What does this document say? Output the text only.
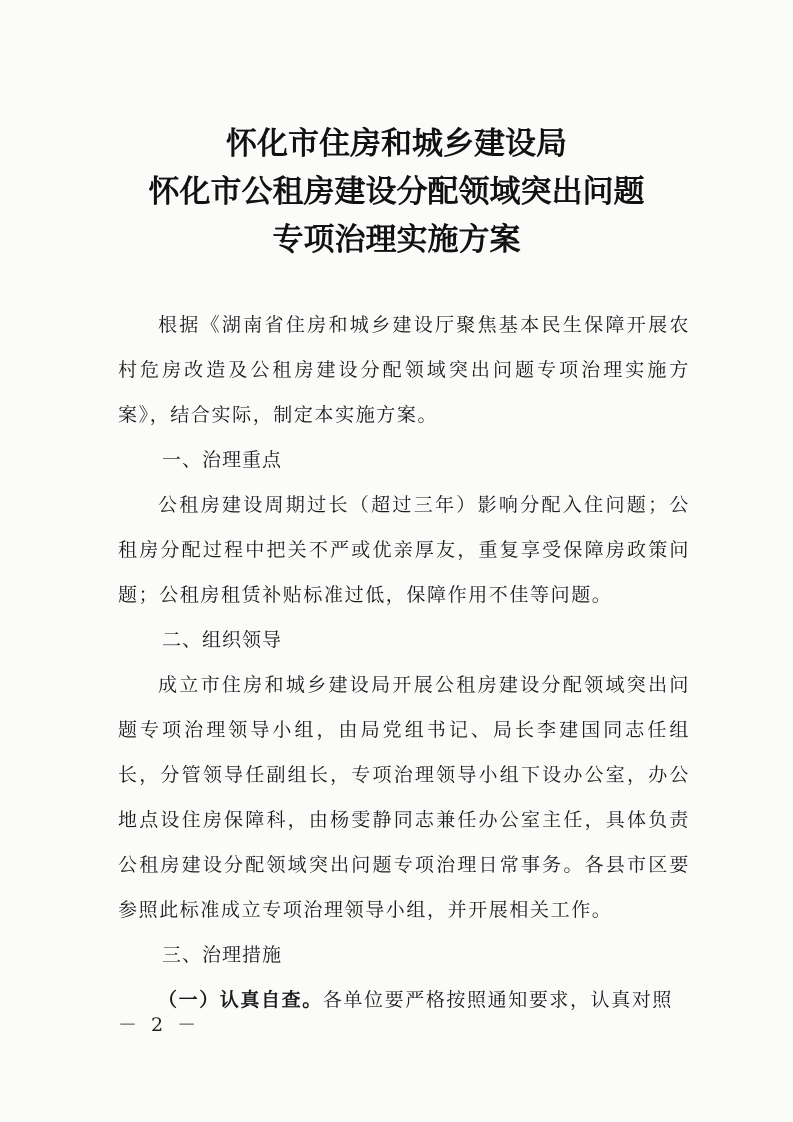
怀化市住房和城乡建设局
怀化市公租房建设分配领域突出问题
专项治理实施方案

根据《湖南省住房和城乡建设厅聚焦基本民生保障开展农村危房改造及公租房建设分配领域突出问题专项治理实施方案》，结合实际，制定本实施方案。

一、治理重点

公租房建设周期过长（超过三年）影响分配入住问题；公租房分配过程中把关不严或优亲厚友，重复享受保障房政策问题；公租房租赁补贴标准过低，保障作用不佳等问题。

二、组织领导

成立市住房和城乡建设局开展公租房建设分配领域突出问题专项治理领导小组，由局党组书记、局长李建国同志任组长，分管领导任副组长，专项治理领导小组下设办公室，办公地点设住房保障科，由杨雯静同志兼任办公室主任，具体负责公租房建设分配领域突出问题专项治理日常事务。各县市区要参照此标准成立专项治理领导小组，并开展相关工作。

三、治理措施

（一）认真自查。各单位要严格按照通知要求，认真对照

－ 2 －
